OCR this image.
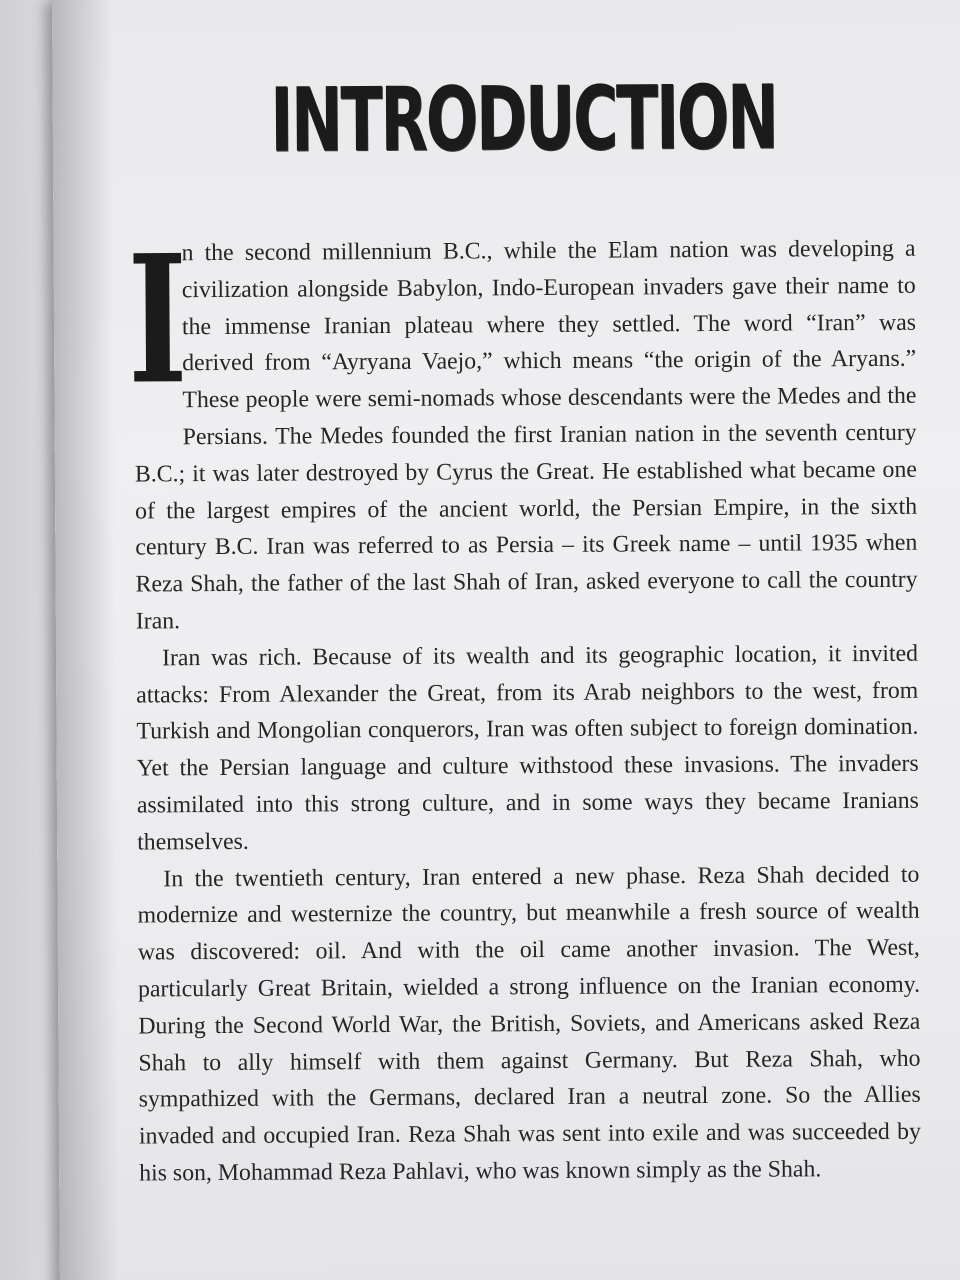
INTRODUCTION

I
n the second millennium B.C., while the Elam nation was developing a civilization alongside Babylon, Indo-European invaders gave their name to the immense Iranian plateau where they settled. The word “Iran” was derived from “Ayryana Vaejo,” which means “the origin of the Aryans.” These people were semi-nomads whose descendants were the Medes and the Persians. The Medes founded the first Iranian nation in the seventh century B.C.; it was later destroyed by Cyrus the Great. He established what became one of the largest empires of the ancient world, the Persian Empire, in the sixth century B.C. Iran was referred to as Persia – its Greek name – until 1935 when Reza Shah, the father of the last Shah of Iran, asked everyone to call the country Iran.

Iran was rich. Because of its wealth and its geographic location, it invited attacks: From Alexander the Great, from its Arab neighbors to the west, from Turkish and Mongolian conquerors, Iran was often subject to foreign domination. Yet the Persian language and culture withstood these invasions. The invaders assimilated into this strong culture, and in some ways they became Iranians themselves.

In the twentieth century, Iran entered a new phase. Reza Shah decided to modernize and westernize the country, but meanwhile a fresh source of wealth was discovered: oil. And with the oil came another invasion. The West, particularly Great Britain, wielded a strong influence on the Iranian economy. During the Second World War, the British, Soviets, and Americans asked Reza Shah to ally himself with them against Germany. But Reza Shah, who sympathized with the Germans, declared Iran a neutral zone. So the Allies invaded and occupied Iran. Reza Shah was sent into exile and was succeeded by his son, Mohammad Reza Pahlavi, who was known simply as the Shah.
